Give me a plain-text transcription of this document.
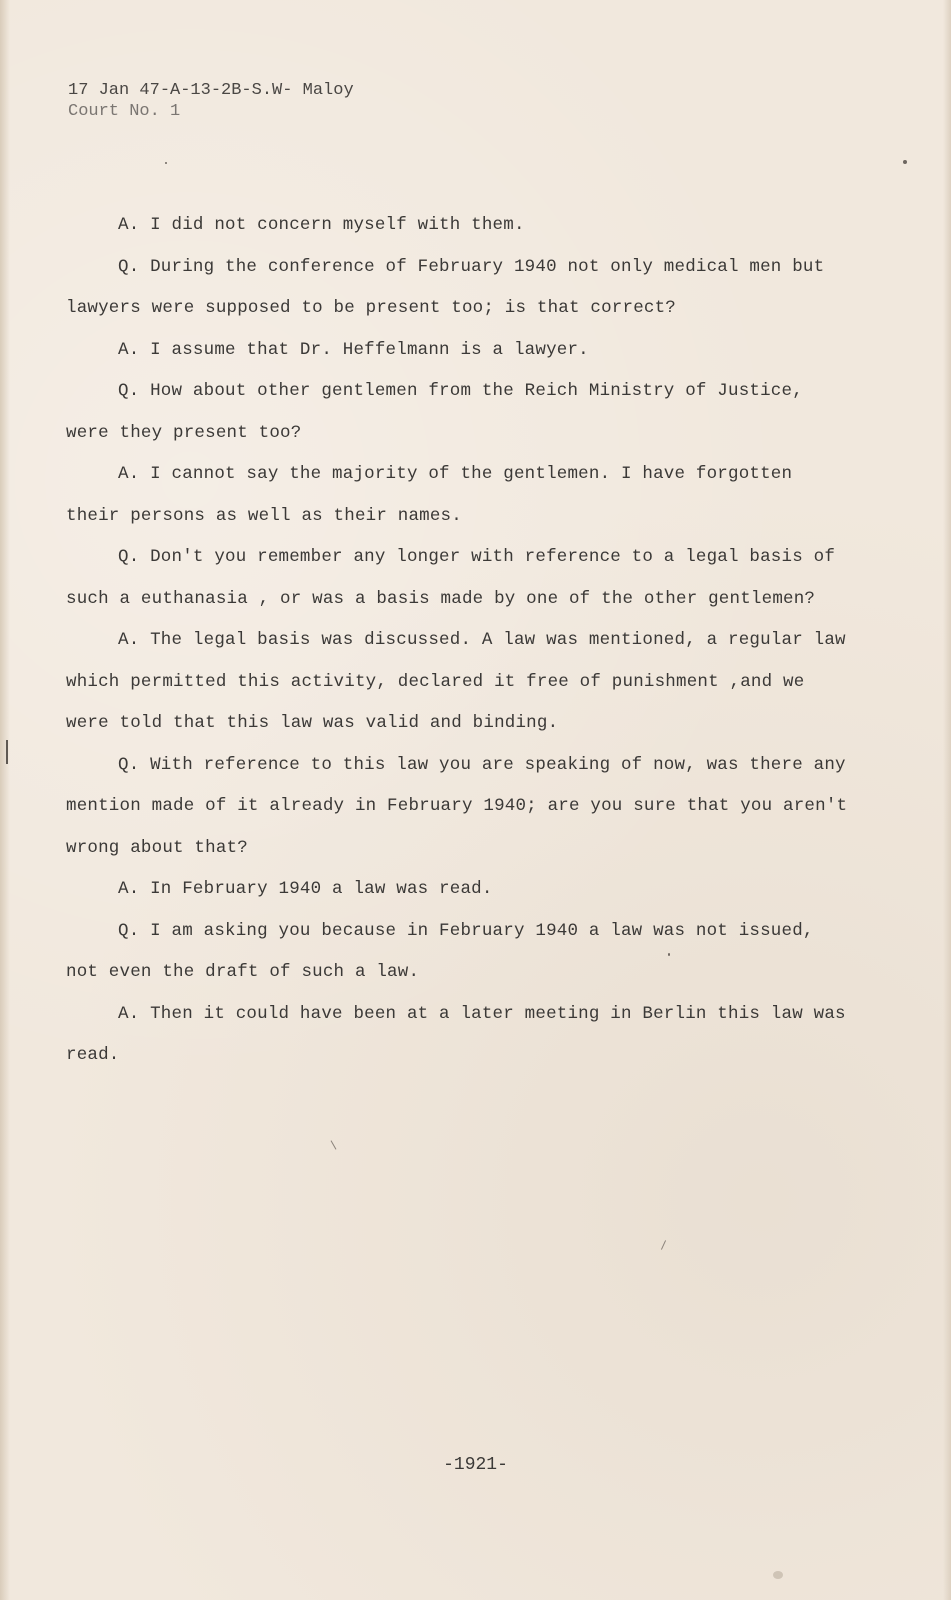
17 Jan 47-A-13-2B-S.W- Maloy
Court No. 1

A. I did not concern myself with them.

Q. During the conference of February 1940 not only medical men but lawyers were supposed to be present too; is that correct?

A. I assume that Dr. Heffelmann is a lawyer.

Q. How about other gentlemen from the Reich Ministry of Justice, were they present too?

A. I cannot say the majority of the gentlemen. I have forgotten their persons as well as their names.

Q. Don't you remember any longer with reference to a legal basis of such a euthanasia , or was a basis made by one of the other gentlemen?

A. The legal basis was discussed. A law was mentioned, a regular law which permitted this activity, declared it free of punishment ,and we were told that this law was valid and binding.

Q. With reference to this law you are speaking of now, was there any mention made of it already in February 1940; are you sure that you aren't wrong about that?

A. In February 1940 a law was read.

Q. I am asking you because in February 1940 a law was not issued, not even the draft of such a law.

A. Then it could have been at a later meeting in Berlin this law was read.

-1921-
